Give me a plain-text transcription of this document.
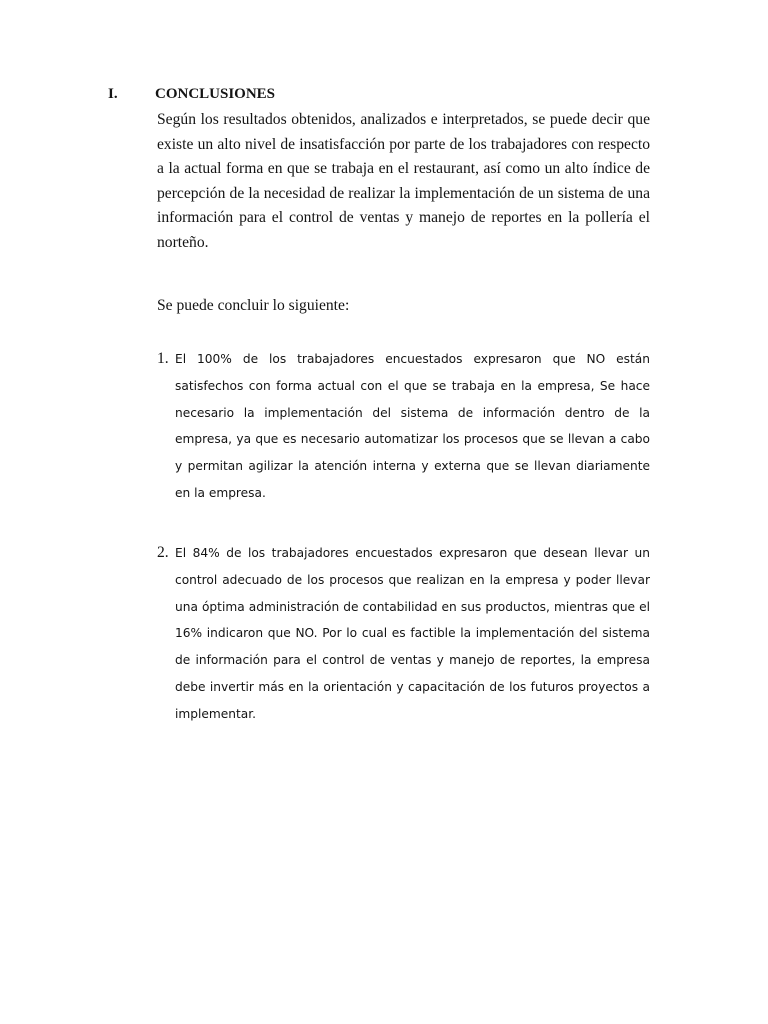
I. CONCLUSIONES

Según los resultados obtenidos, analizados e interpretados, se puede decir que existe un alto nivel de insatisfacción por parte de los trabajadores con respecto a la actual forma en que se trabaja en el restaurant, así como un alto índice de percepción de la necesidad de realizar la implementación de un sistema de una información para el control de ventas y manejo de reportes en la pollería el norteño.

Se puede concluir lo siguiente:

1. El 100% de los trabajadores encuestados expresaron que NO están satisfechos con forma actual con el que se trabaja en la empresa, Se hace necesario la implementación del sistema de información dentro de la empresa, ya que es necesario automatizar los procesos que se llevan a cabo y permitan agilizar la atención interna y externa que se llevan diariamente en la empresa.

2. El 84% de los trabajadores encuestados expresaron que desean llevar un control adecuado de los procesos que realizan en la empresa y poder llevar una óptima administración de contabilidad en sus productos, mientras que el 16% indicaron que NO. Por lo cual es factible la implementación del sistema de información para el control de ventas y manejo de reportes, la empresa debe invertir más en la orientación y capacitación de los futuros proyectos a implementar.
